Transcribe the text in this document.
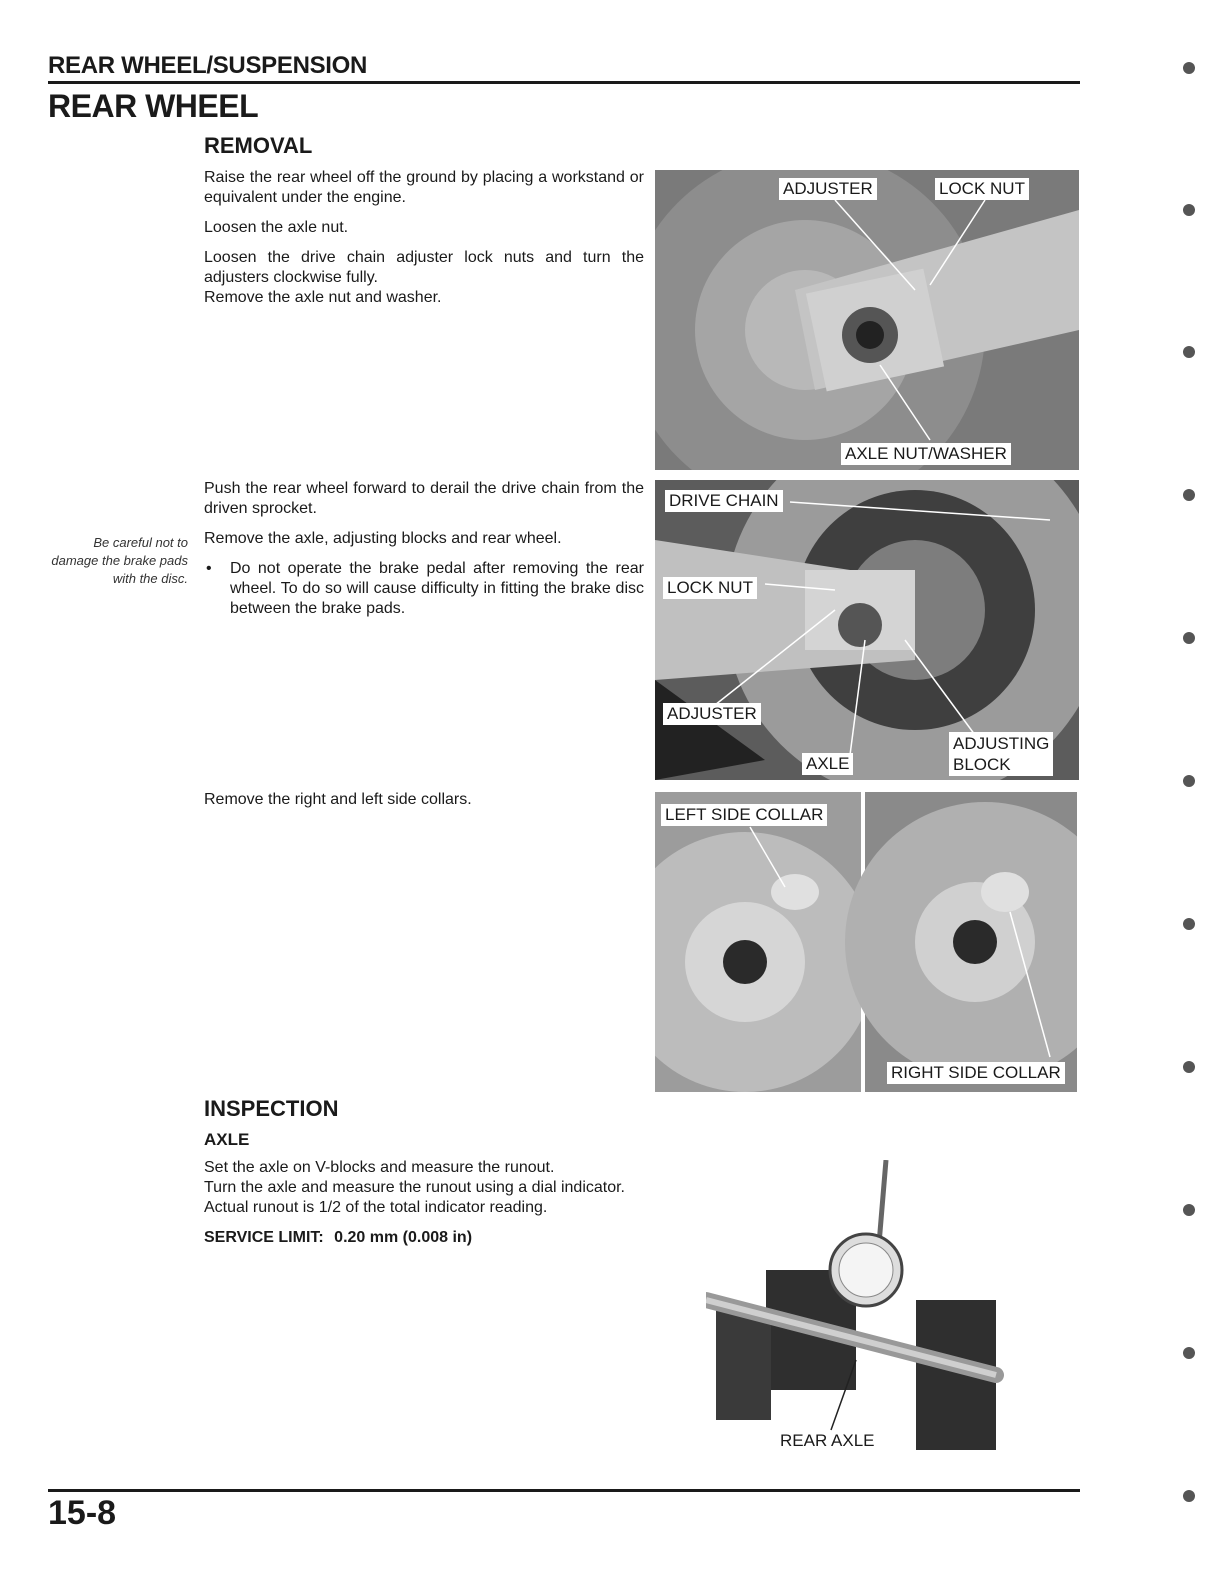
REAR WHEEL/SUSPENSION
REAR WHEEL
REMOVAL

Raise the rear wheel off the ground by placing a workstand or equivalent under the engine.

Loosen the axle nut.

Loosen the drive chain adjuster lock nuts and turn the adjusters clockwise fully.

Remove the axle nut and washer.

Push the rear wheel forward to derail the drive chain from the driven sprocket.

Remove the axle, adjusting blocks and rear wheel.

• Do not operate the brake pedal after removing the rear wheel. To do so will cause difficulty in fitting the brake disc between the brake pads.
Be careful not to damage the brake pads with the disc.
Remove the right and left side collars.
INSPECTION
AXLE
Set the axle on V-blocks and measure the runout.
Turn the axle and measure the runout using a dial indicator.
Actual runout is 1/2 of the total indicator reading.
SERVICE LIMIT: 0.20 mm (0.008 in)
ADJUSTER	LOCK NUT
AXLE NUT/WASHER
DRIVE CHAIN
LOCK NUT
ADJUSTER
AXLE
ADJUSTING
BLOCK
LEFT SIDE COLLAR
RIGHT SIDE COLLAR
REAR AXLE
15-8
